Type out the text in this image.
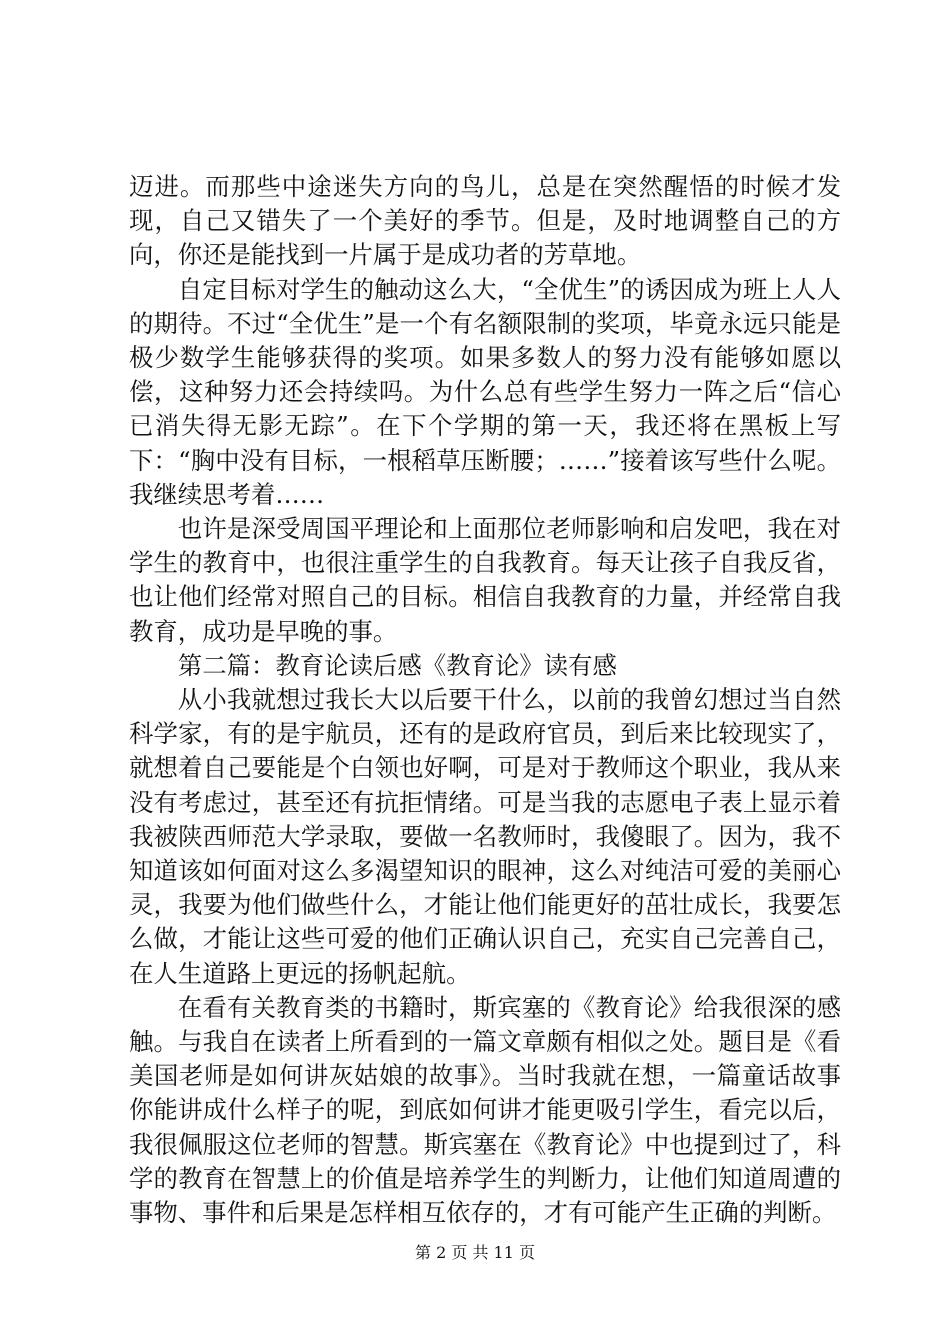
迈进。而那些中途迷失方向的鸟儿，总是在突然醒悟的时候才发现，自己又错失了一个美好的季节。但是，及时地调整自己的方向，你还是能找到一片属于是成功者的芳草地。

自定目标对学生的触动这么大，“全优生”的诱因成为班上人人的期待。不过“全优生”是一个有名额限制的奖项，毕竟永远只能是极少数学生能够获得的奖项。如果多数人的努力没有能够如愿以偿，这种努力还会持续吗。为什么总有些学生努力一阵之后“信心已消失得无影无踪”。在下个学期的第一天，我还将在黑板上写下：“胸中没有目标，一根稻草压断腰；……”接着该写些什么呢。我继续思考着……

也许是深受周国平理论和上面那位老师影响和启发吧，我在对学生的教育中，也很注重学生的自我教育。每天让孩子自我反省，也让他们经常对照自己的目标。相信自我教育的力量，并经常自我教育，成功是早晚的事。

第二篇：教育论读后感《教育论》读有感

从小我就想过我长大以后要干什么，以前的我曾幻想过当自然科学家，有的是宇航员，还有的是政府官员，到后来比较现实了，就想着自己要能是个白领也好啊，可是对于教师这个职业，我从来没有考虑过，甚至还有抗拒情绪。可是当我的志愿电子表上显示着我被陕西师范大学录取，要做一名教师时，我傻眼了。因为，我不知道该如何面对这么多渴望知识的眼神，这么对纯洁可爱的美丽心灵，我要为他们做些什么，才能让他们能更好的茁壮成长，我要怎么做，才能让这些可爱的他们正确认识自己，充实自己完善自己，在人生道路上更远的扬帆起航。

在看有关教育类的书籍时，斯宾塞的《教育论》给我很深的感触。与我自在读者上所看到的一篇文章颇有相似之处。题目是《看美国老师是如何讲灰姑娘的故事》。当时我就在想，一篇童话故事你能讲成什么样子的呢，到底如何讲才能更吸引学生，看完以后，我很佩服这位老师的智慧。斯宾塞在《教育论》中也提到过了，科学的教育在智慧上的价值是培养学生的判断力，让他们知道周遭的事物、事件和后果是怎样相互依存的，才有可能产生正确的判断。

第 2 页 共 11 页
